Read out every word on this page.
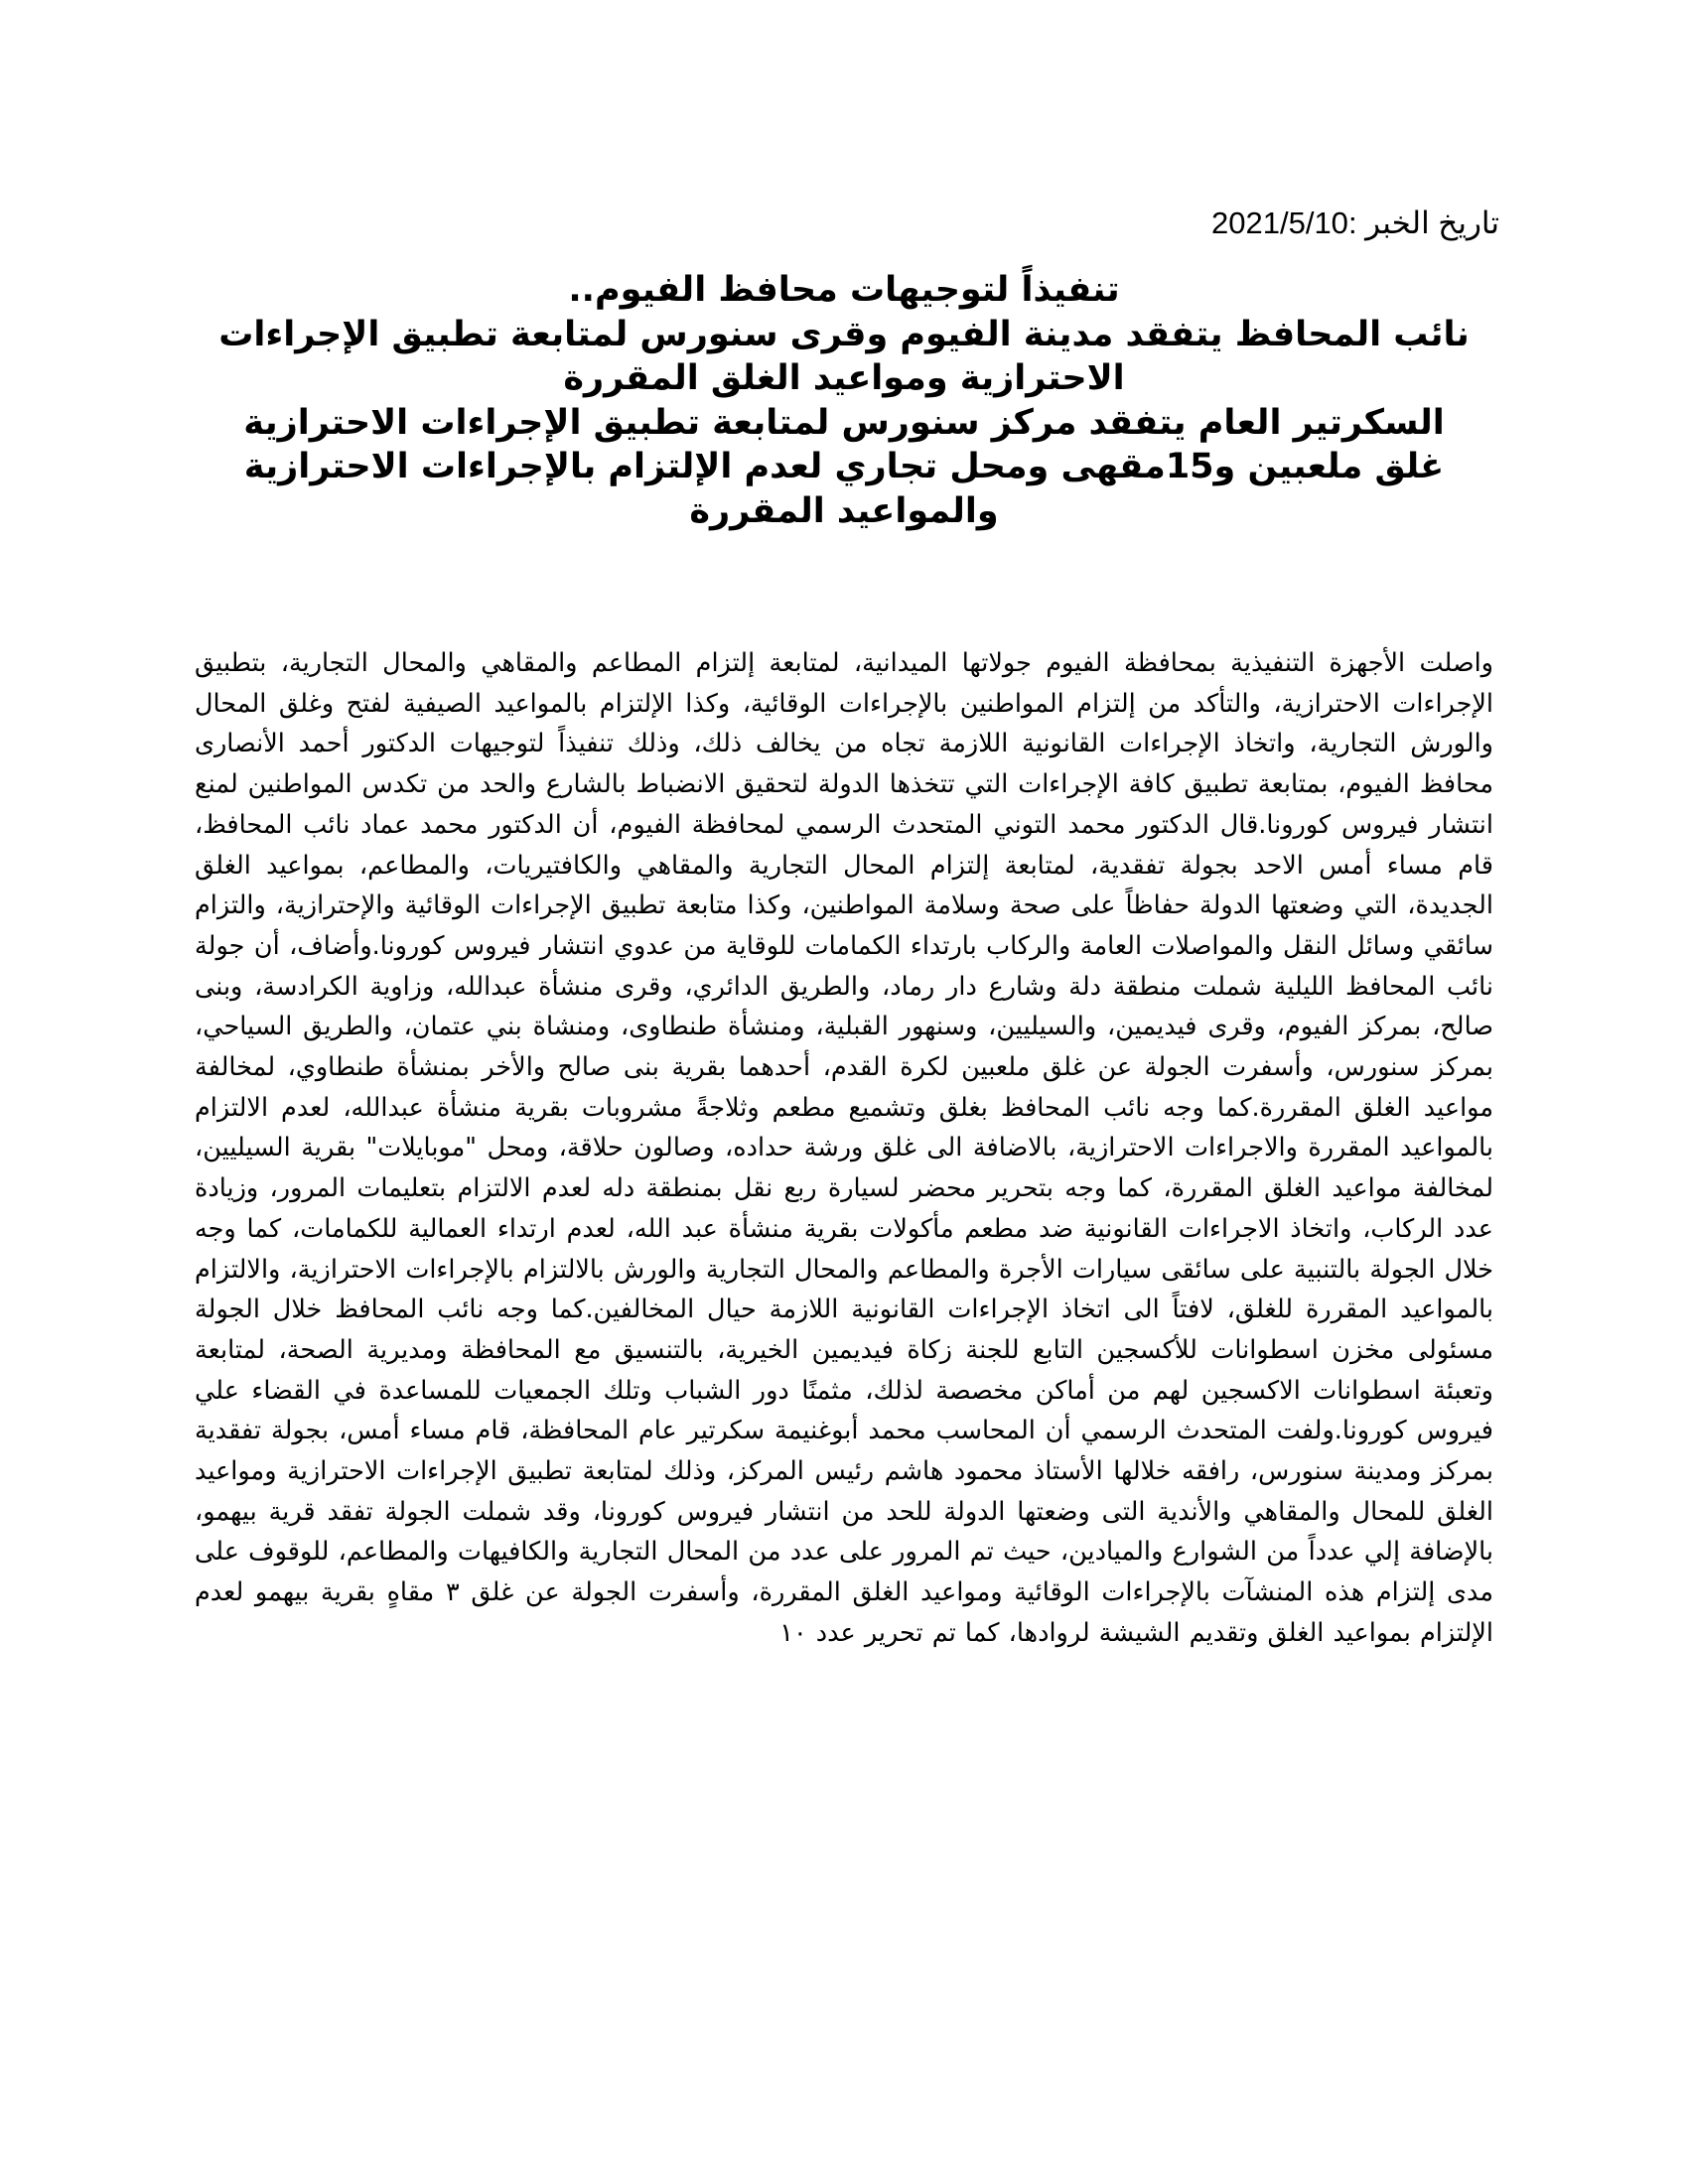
تاريخ الخبر :2021/5/10
تنفيذاً لتوجيهات محافظ الفيوم..
نائب المحافظ يتفقد مدينة الفيوم وقرى سنورس لمتابعة تطبيق الإجراءات الاحترازية ومواعيد الغلق المقررة
السكرتير العام يتفقد مركز سنورس لمتابعة تطبيق الإجراءات الاحترازية
غلق ملعبين و15مقهى ومحل تجاري لعدم الإلتزام بالإجراءات الاحترازية والمواعيد المقررة
واصلت الأجهزة التنفيذية بمحافظة الفيوم جولاتها الميدانية، لمتابعة إلتزام المطاعم والمقاهي والمحال التجارية، بتطبيق الإجراءات الاحترازية، والتأكد من إلتزام المواطنين بالإجراءات الوقائية، وكذا الإلتزام بالمواعيد الصيفية لفتح وغلق المحال والورش التجارية، واتخاذ الإجراءات القانونية اللازمة تجاه من يخالف ذلك، وذلك تنفيذاً لتوجيهات الدكتور أحمد الأنصارى محافظ الفيوم، بمتابعة تطبيق كافة الإجراءات التي تتخذها الدولة لتحقيق الانضباط بالشارع والحد من تكدس المواطنين لمنع انتشار فيروس كورونا.قال الدكتور محمد التوني المتحدث الرسمي لمحافظة الفيوم، أن الدكتور محمد عماد نائب المحافظ، قام مساء أمس الاحد بجولة تفقدية، لمتابعة إلتزام المحال التجارية والمقاهي والكافتيريات، والمطاعم، بمواعيد الغلق الجديدة، التي وضعتها الدولة حفاظاً على صحة وسلامة المواطنين، وكذا متابعة تطبيق الإجراءات الوقائية والإحترازية، والتزام سائقي وسائل النقل والمواصلات العامة والركاب بارتداء الكمامات للوقاية من عدوي انتشار فيروس كورونا.وأضاف، أن جولة نائب المحافظ الليلية شملت منطقة دلة وشارع دار رماد، والطريق الدائري، وقرى منشأة عبدالله، وزاوية الكرادسة، وبنى صالح، بمركز الفيوم، وقرى فيديمين، والسيليين، وسنهور القبلية، ومنشأة طنطاوى، ومنشاة بني عتمان، والطريق السياحي، بمركز سنورس، وأسفرت الجولة عن غلق ملعبين لكرة القدم، أحدهما بقرية بنى صالح والأخر بمنشأة طنطاوي، لمخالفة مواعيد الغلق المقررة.كما وجه نائب المحافظ بغلق وتشميع مطعم وثلاجةً مشروبات بقرية منشأة عبدالله، لعدم الالتزام بالمواعيد المقررة والاجراءات الاحترازية، بالاضافة الى غلق ورشة حداده، وصالون حلاقة، ومحل "موبايلات" بقرية السيليين، لمخالفة مواعيد الغلق المقررة، كما وجه بتحرير محضر لسيارة ربع نقل بمنطقة دله لعدم الالتزام بتعليمات المرور، وزيادة عدد الركاب، واتخاذ الاجراءات القانونية ضد مطعم مأكولات بقرية منشأة عبد الله، لعدم ارتداء العمالية للكمامات، كما وجه خلال الجولة بالتنبية على سائقى سيارات الأجرة والمطاعم والمحال التجارية والورش بالالتزام بالإجراءات الاحترازية، والالتزام بالمواعيد المقررة للغلق، لافتاً الى اتخاذ الإجراءات القانونية اللازمة حيال المخالفين.كما وجه نائب المحافظ خلال الجولة مسئولى مخزن اسطوانات للأكسجين التابع للجنة زكاة فيديمين الخيرية، بالتنسيق مع المحافظة ومديرية الصحة، لمتابعة وتعبئة اسطوانات الاكسجين لهم من أماكن مخصصة لذلك، مثمنًا دور الشباب وتلك الجمعيات للمساعدة في القضاء علي فيروس كورونا.ولفت المتحدث الرسمي أن المحاسب محمد أبوغنيمة سكرتير عام المحافظة، قام مساء أمس، بجولة تفقدية بمركز ومدينة سنورس، رافقه خلالها الأستاذ محمود هاشم رئيس المركز، وذلك لمتابعة تطبيق الإجراءات الاحترازية ومواعيد الغلق للمحال والمقاهي والأندية التى وضعتها الدولة للحد من انتشار فيروس كورونا، وقد شملت الجولة تفقد قرية بيهمو، بالإضافة إلي عدداً من الشوارع والميادين، حيث تم المرور على عدد من المحال التجارية والكافيهات والمطاعم، للوقوف على مدى إلتزام هذه المنشآت بالإجراءات الوقائية ومواعيد الغلق المقررة، وأسفرت الجولة عن غلق ٣ مقاهٍ بقرية بيهمو لعدم الإلتزام بمواعيد الغلق وتقديم الشيشة لروادها، كما تم تحرير عدد ١٠
